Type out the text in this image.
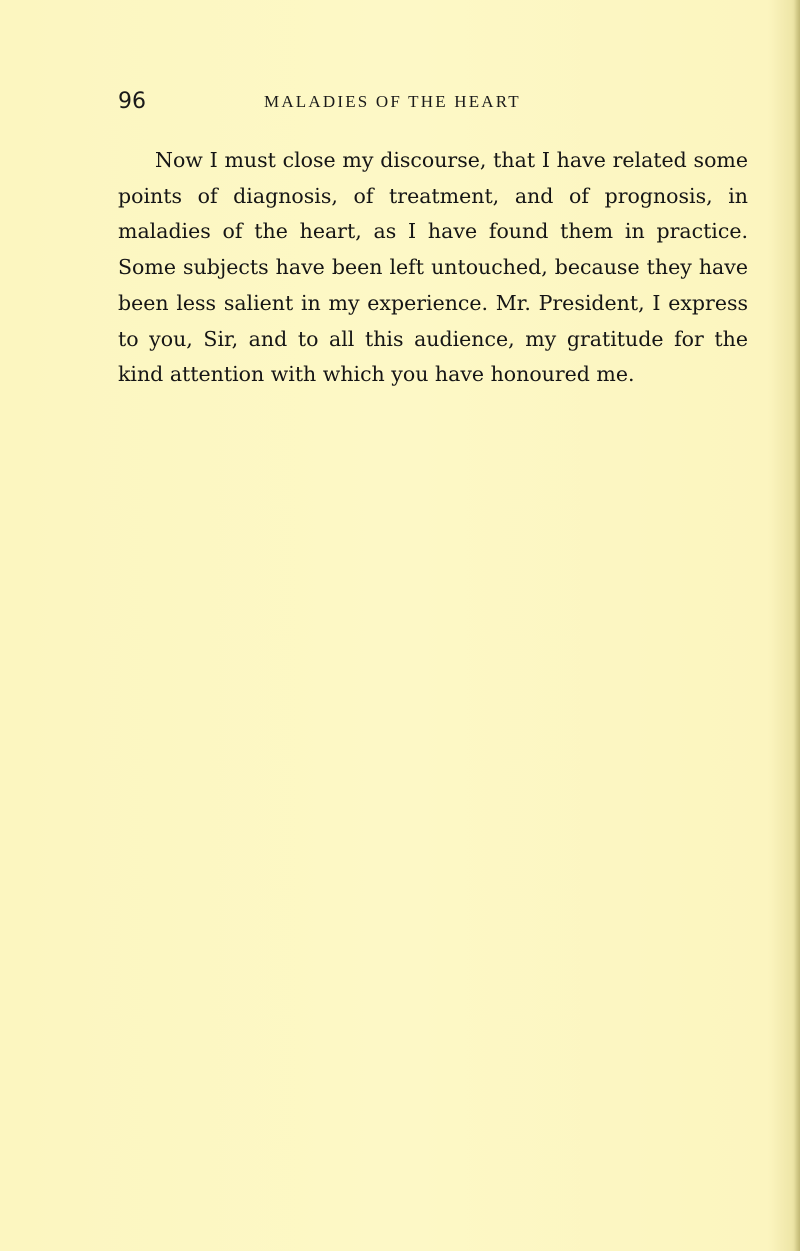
96	MALADIES OF THE HEART

Now I must close my discourse, that I have related some points of diagnosis, of treatment, and of prognosis, in maladies of the heart, as I have found them in practice. Some subjects have been left untouched, because they have been less salient in my experience. Mr. President, I express to you, Sir, and to all this audience, my gratitude for the kind attention with which you have honoured me.
